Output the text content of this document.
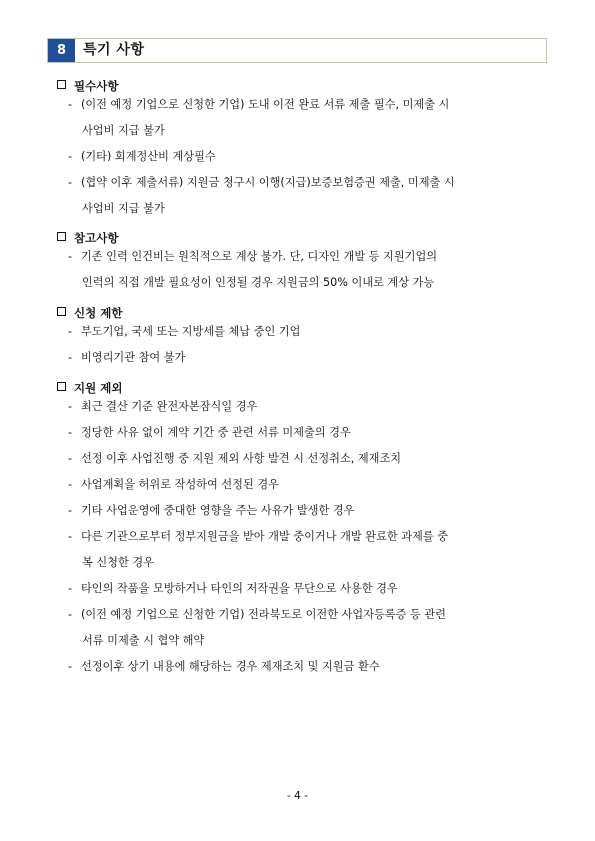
8	특기 사항
필수사항
- (이전 예정 기업으로 신청한 기업) 도내 이전 완료 서류 제출 필수, 미제출 시
사업비 지급 불가
- (기타) 회계정산비 계상필수
- (협약 이후 제출서류) 지원금 청구시 이행(지급)보증보험증권 제출, 미제출 시
사업비 지급 불가
참고사항
- 기존 인력 인건비는 원칙적으로 계상 불가. 단, 디자인 개발 등 지원기업의
인력의 직접 개발 필요성이 인정될 경우 지원금의 50% 이내로 계상 가능
신청 제한
- 부도기업, 국세 또는 지방세를 체납 중인 기업
- 비영리기관 참여 불가
지원 제외
- 최근 결산 기준 완전자본잠식일 경우
- 정당한 사유 없이 계약 기간 중 관련 서류 미제출의 경우
- 선정 이후 사업진행 중 지원 제외 사항 발견 시 선정취소, 제재조치
- 사업계획을 허위로 작성하여 선정된 경우
- 기타 사업운영에 중대한 영향을 주는 사유가 발생한 경우
- 다른 기관으로부터 정부지원금을 받아 개발 중이거나 개발 완료한 과제를 중
복 신청한 경우
- 타인의 작품을 모방하거나 타인의 저작권을 무단으로 사용한 경우
- (이전 예정 기업으로 신청한 기업) 전라북도로 이전한 사업자등록증 등 관련
서류 미제출 시 협약 해약
- 선정이후 상기 내용에 해당하는 경우 제재조치 및 지원금 환수
- 4 -
